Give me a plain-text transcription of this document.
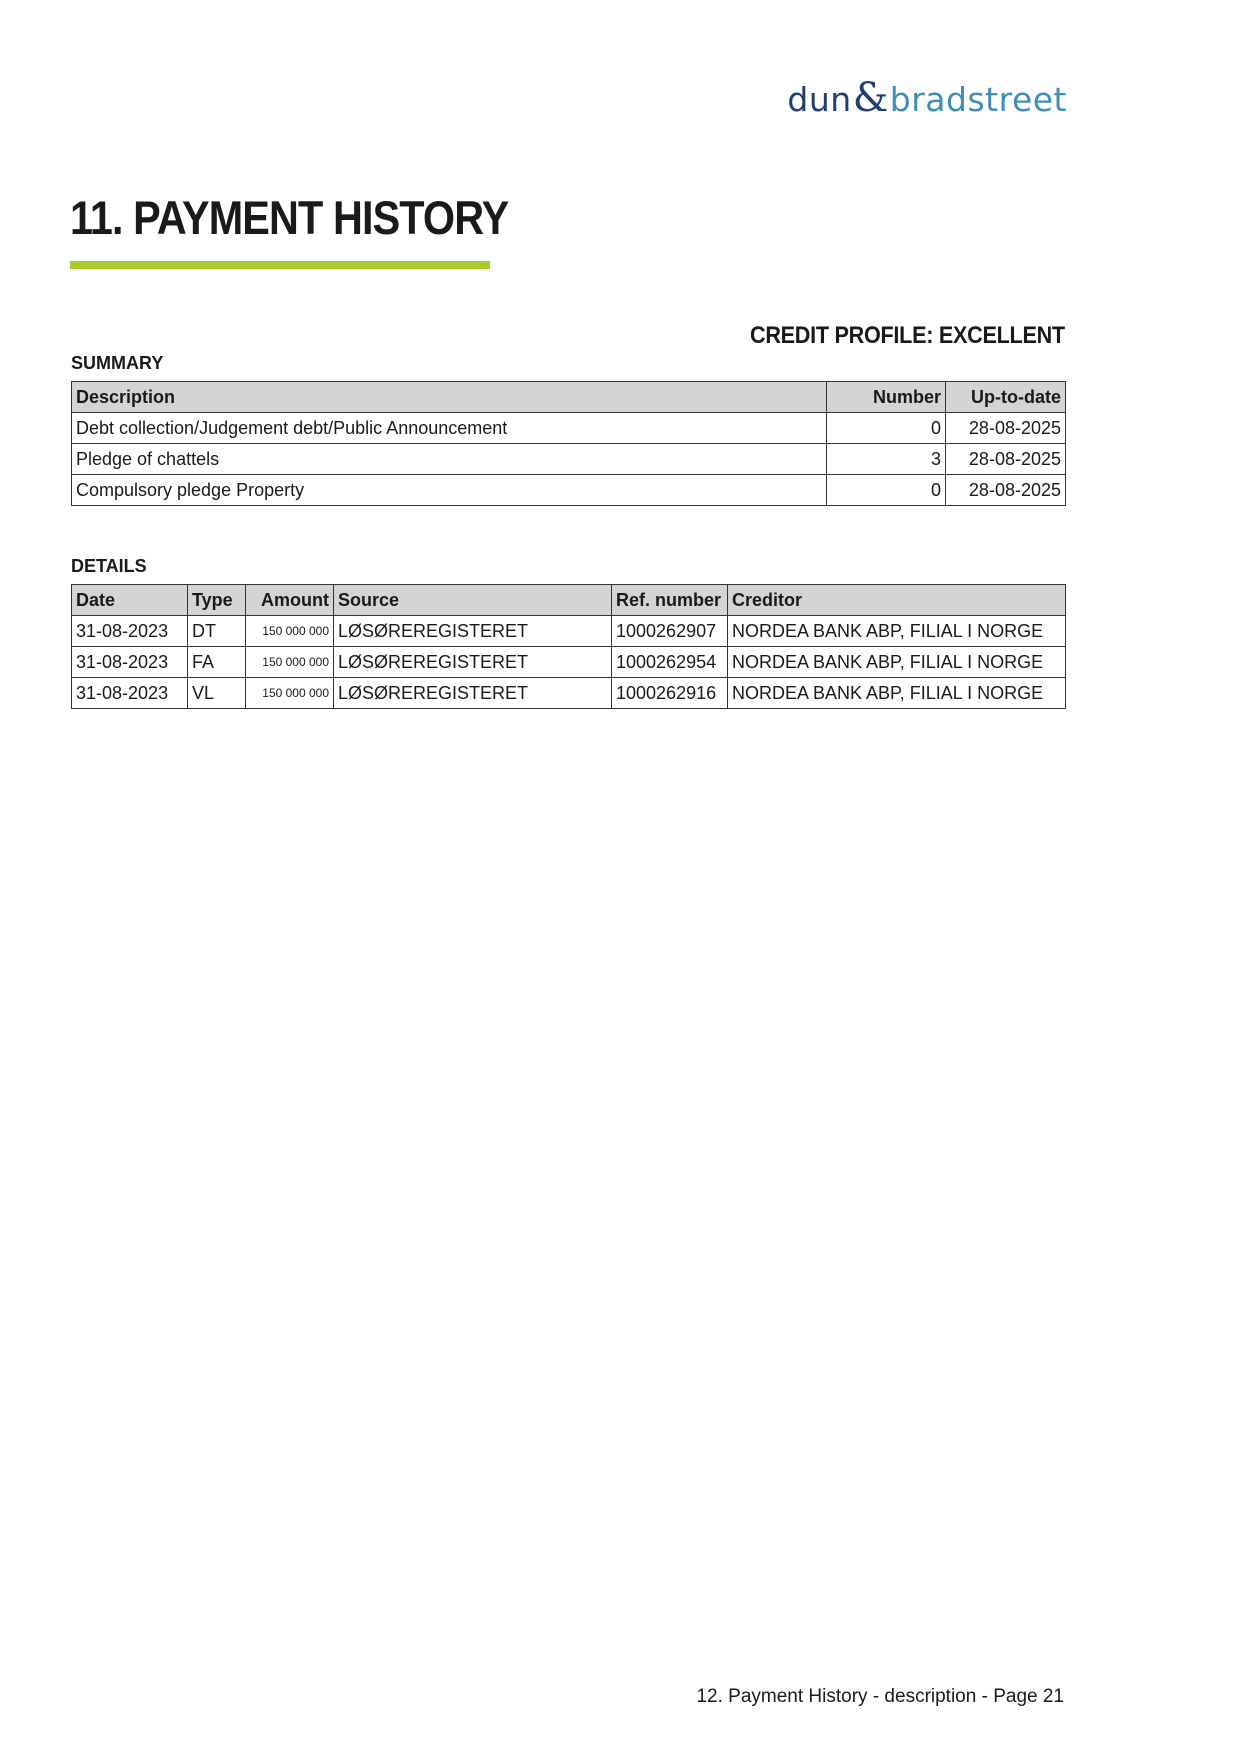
dun & bradstreet
11. PAYMENT HISTORY
CREDIT PROFILE: EXCELLENT
SUMMARY
Description	Number	Up-to-date
Debt collection/Judgement debt/Public Announcement	0	28-08-2025
Pledge of chattels	3	28-08-2025
Compulsory pledge Property	0	28-08-2025
DETAILS
Date	Type	Amount	Source	Ref. number	Creditor
31-08-2023	DT	150 000 000	LØSØREREGISTERET	1000262907	NORDEA BANK ABP, FILIAL I NORGE
31-08-2023	FA	150 000 000	LØSØREREGISTERET	1000262954	NORDEA BANK ABP, FILIAL I NORGE
31-08-2023	VL	150 000 000	LØSØREREGISTERET	1000262916	NORDEA BANK ABP, FILIAL I NORGE
12. Payment History - description - Page 21
